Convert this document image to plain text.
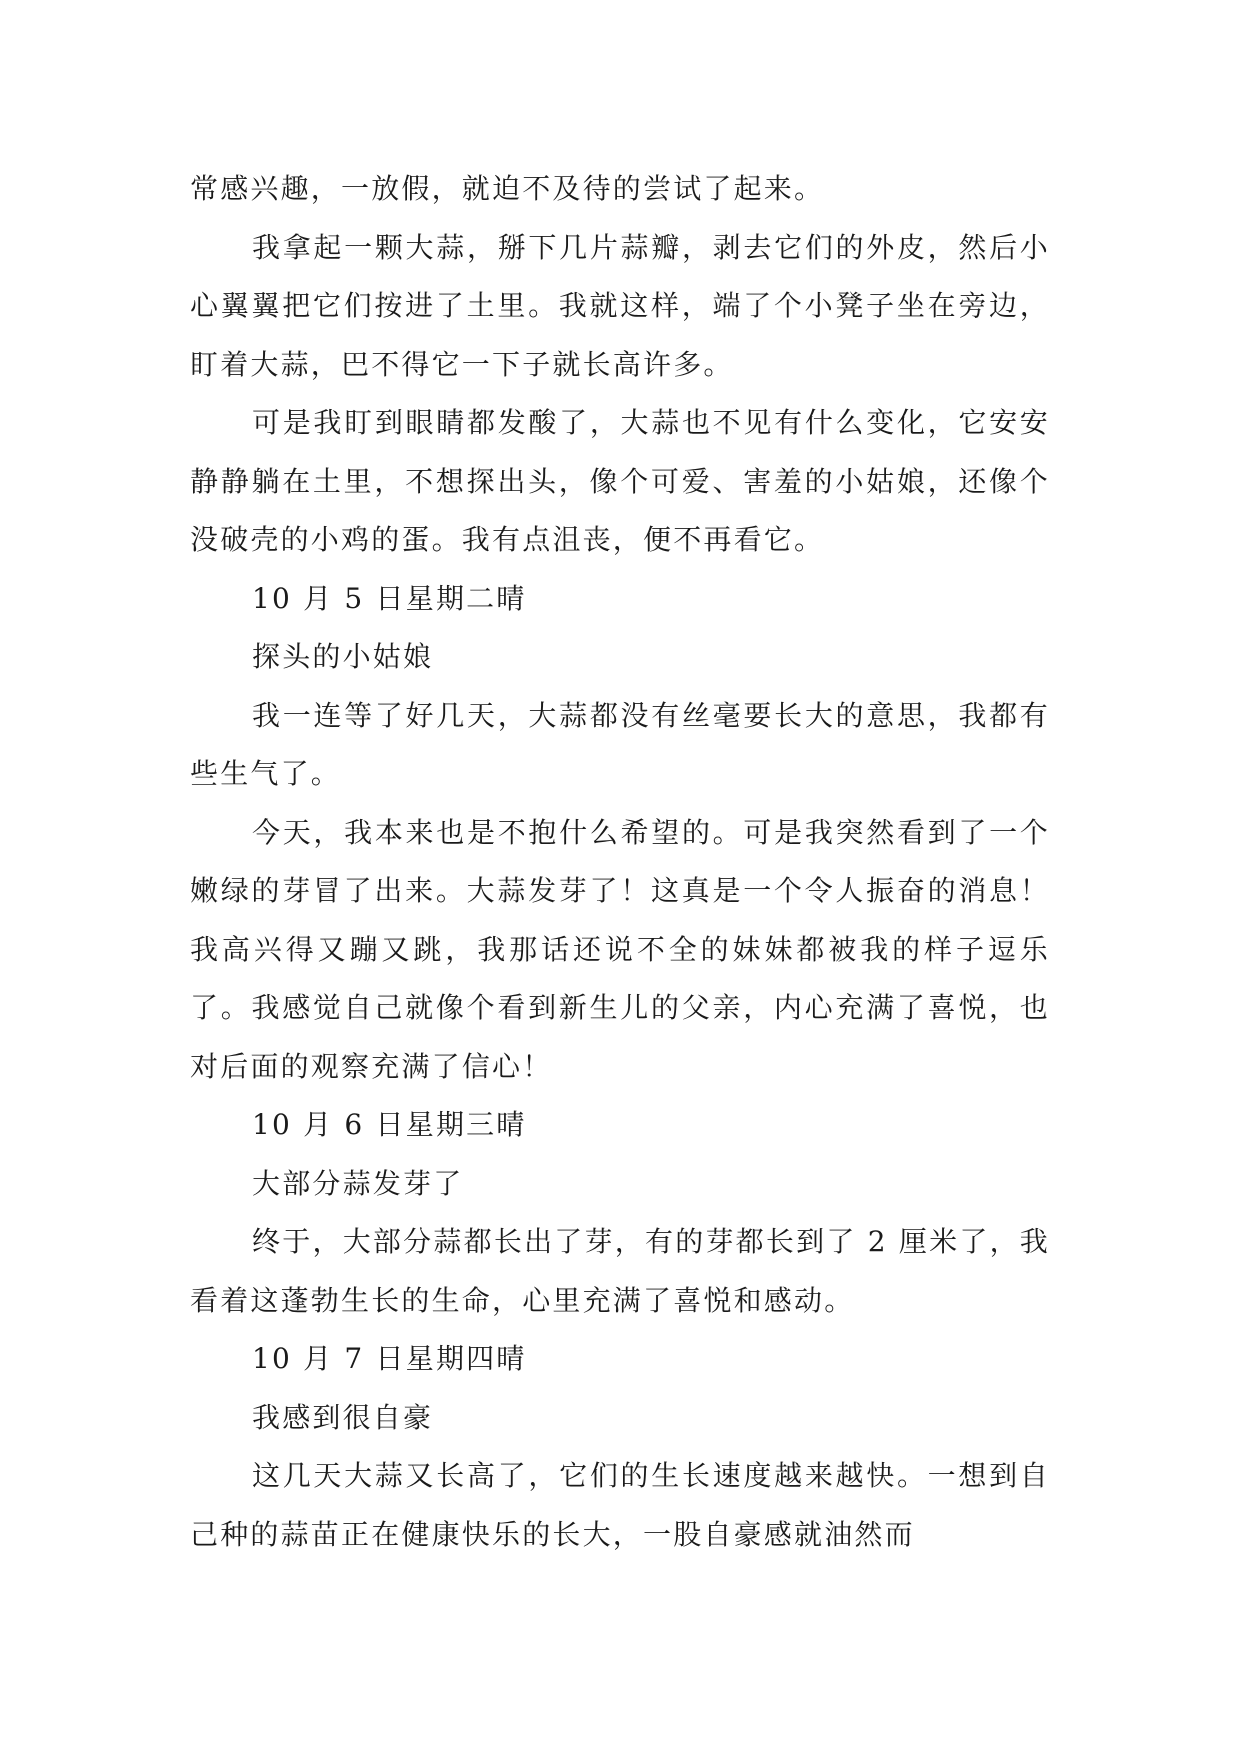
常感兴趣，一放假，就迫不及待的尝试了起来。

我拿起一颗大蒜，掰下几片蒜瓣，剥去它们的外皮，然后小心翼翼把它们按进了土里。我就这样，端了个小凳子坐在旁边，盯着大蒜，巴不得它一下子就长高许多。

可是我盯到眼睛都发酸了，大蒜也不见有什么变化，它安安静静躺在土里，不想探出头，像个可爱、害羞的小姑娘，还像个没破壳的小鸡的蛋。我有点沮丧，便不再看它。

10 月 5 日星期二晴

探头的小姑娘

我一连等了好几天，大蒜都没有丝毫要长大的意思，我都有些生气了。

今天，我本来也是不抱什么希望的。可是我突然看到了一个嫩绿的芽冒了出来。大蒜发芽了！这真是一个令人振奋的消息！我高兴得又蹦又跳，我那话还说不全的妹妹都被我的样子逗乐了。我感觉自己就像个看到新生儿的父亲，内心充满了喜悦，也对后面的观察充满了信心！

10 月 6 日星期三晴

大部分蒜发芽了

终于，大部分蒜都长出了芽，有的芽都长到了 2 厘米了，我看着这蓬勃生长的生命，心里充满了喜悦和感动。

10 月 7 日星期四晴

我感到很自豪

这几天大蒜又长高了，它们的生长速度越来越快。一想到自己种的蒜苗正在健康快乐的长大，一股自豪感就油然而
